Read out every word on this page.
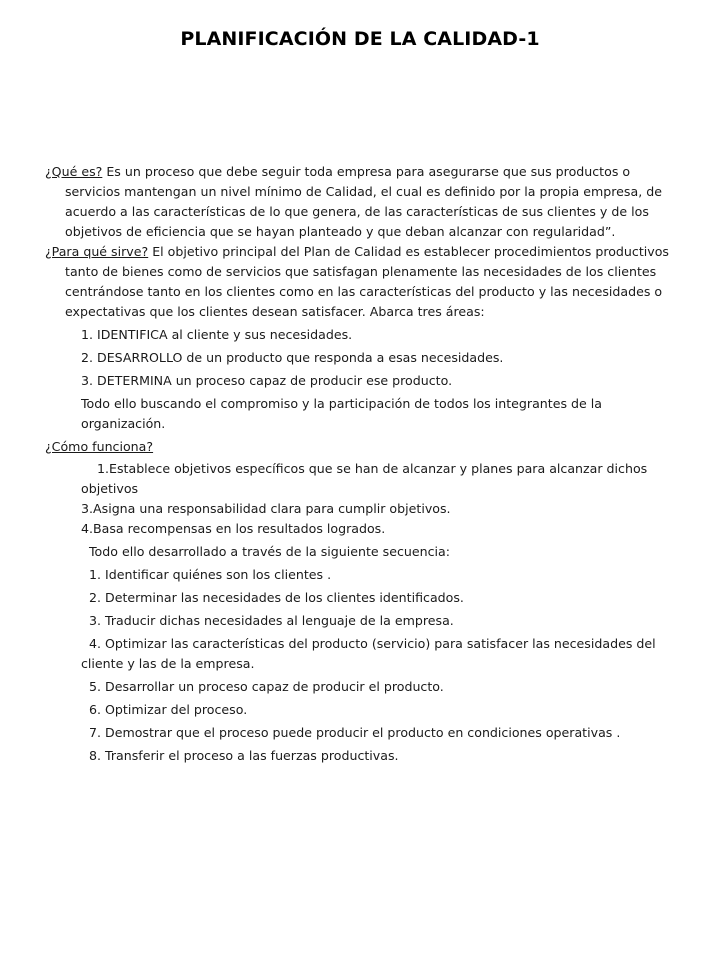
PLANIFICACIÓN DE LA CALIDAD-1

¿Qué es? Es un proceso que debe seguir toda empresa para asegurarse que sus productos o servicios mantengan un nivel mínimo de Calidad, el cual es definido por la propia empresa, de acuerdo a las características de lo que genera, de las características de sus clientes y de los objetivos de eficiencia que se hayan planteado y que deban alcanzar con regularidad”.

¿Para qué sirve? El objetivo principal del Plan de Calidad es establecer procedimientos productivos tanto de bienes como de servicios que satisfagan plenamente las necesidades de los clientes centrándose tanto en los clientes como en las características del producto y las necesidades o expectativas que los clientes desean satisfacer. Abarca tres áreas:

1. IDENTIFICA al cliente y sus necesidades.

2. DESARROLLO de un producto que responda a esas necesidades.

3. DETERMINA un proceso capaz de producir ese producto.

Todo ello buscando el compromiso y la participación de todos los integrantes de la organización.

¿Cómo funciona?

1.Establece objetivos específicos que se han de alcanzar y planes para alcanzar dichos objetivos

3.Asigna una responsabilidad clara para cumplir objetivos.

4.Basa recompensas en los resultados logrados.

Todo ello desarrollado a través de la siguiente secuencia:

1. Identificar quiénes son los clientes .

2. Determinar las necesidades de los clientes identificados.

3. Traducir dichas necesidades al lenguaje de la empresa.

4. Optimizar las características del producto (servicio) para satisfacer las necesidades del cliente y las de la empresa.

5. Desarrollar un proceso capaz de producir el producto.

6. Optimizar del proceso.

7. Demostrar que el proceso puede producir el producto en condiciones operativas .

8. Transferir el proceso a las fuerzas productivas.
